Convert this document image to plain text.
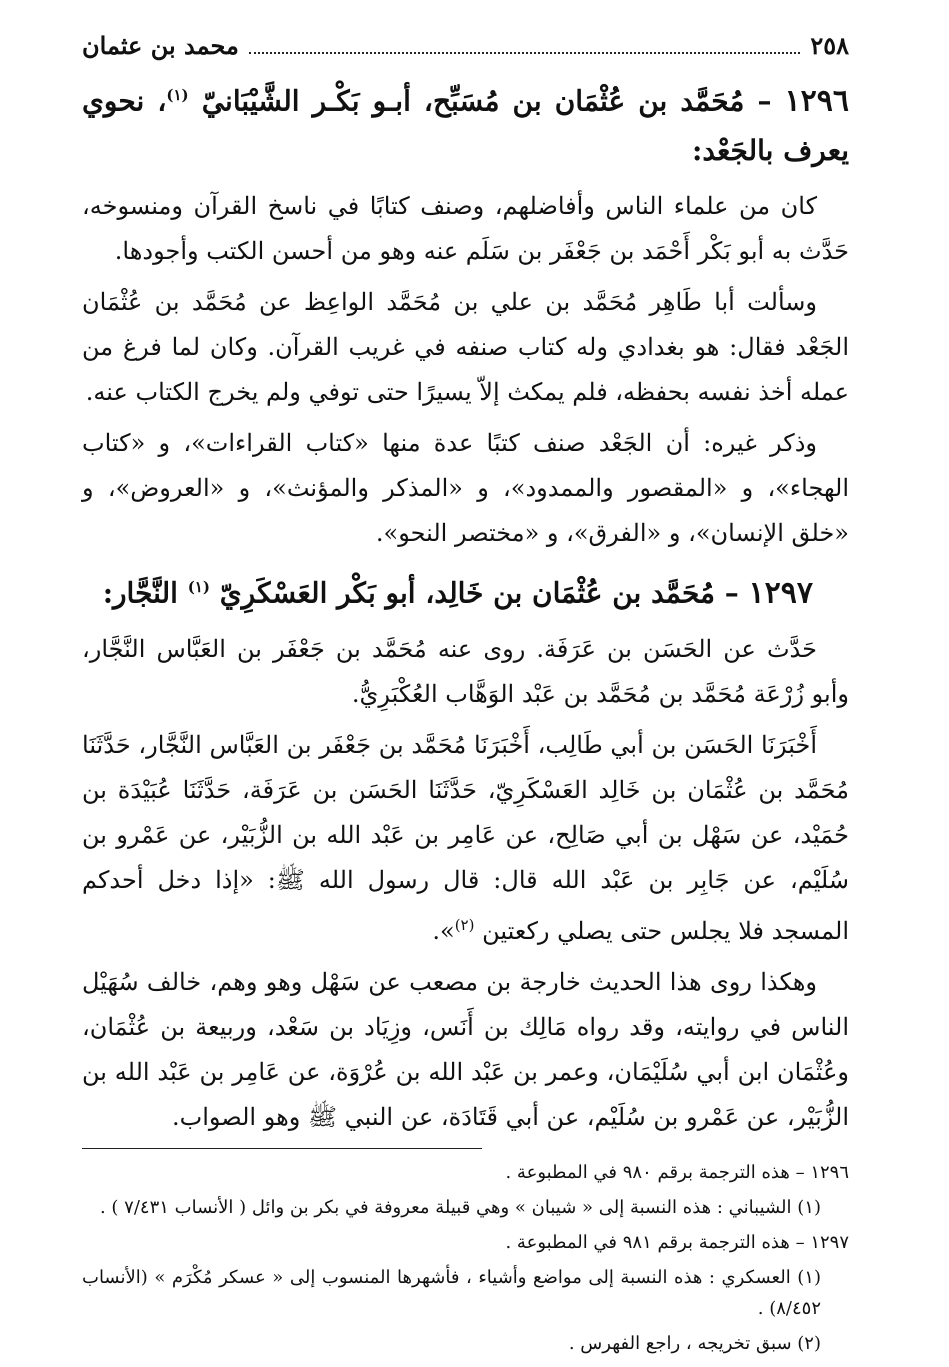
٢٥٨
محمد بن عثمان
١٢٩٦ – مُحَمَّد بن عُثْمَان بن مُسَبِّح، أبـو بَكْـر الشَّيْبَانيّ $^{(١)}$، نحوي يعرف بالجَعْد:

كان من علماء الناس وأفاضلهم، وصنف كتابًا في ناسخ القرآن ومنسوخه، حَدَّث به أبو بَكْر أَحْمَد بن جَعْفَر بن سَلَم عنه وهو من أحسن الكتب وأجودها.

وسألت أبا طَاهِر مُحَمَّد بن علي بن مُحَمَّد الواعِظ عن مُحَمَّد بن عُثْمَان الجَعْد فقال: هو بغدادي وله كتاب صنفه في غريب القرآن. وكان لما فرغ من عمله أخذ نفسه بحفظه، فلم يمكث إلاّ يسيرًا حتى توفي ولم يخرج الكتاب عنه.

وذكر غيره: أن الجَعْد صنف كتبًا عدة منها «كتاب القراءات»، و «كتاب الهجاء»، و «المقصور والممدود»، و «المذكر والمؤنث»، و «العروض»، و «خلق الإنسان»، و «الفرق»، و «مختصر النحو».

١٢٩٧ – مُحَمَّد بن عُثْمَان بن خَالِد، أبو بَكْر العَسْكَرِيّ $^{(١)}$ النَّجَّار:

حَدَّث عن الحَسَن بن عَرَفَة. روى عنه مُحَمَّد بن جَعْفَر بن العَبَّاس النَّجَّار، وأبو زُرْعَة مُحَمَّد بن مُحَمَّد بن عَبْد الوَهَّاب العُكْبَرِيُّ.

أَخْبَرَنَا الحَسَن بن أبي طَالِب، أَخْبَرَنَا مُحَمَّد بن جَعْفَر بن العَبَّاس النَّجَّار، حَدَّثَنَا مُحَمَّد بن عُثْمَان بن خَالِد العَسْكَرِيّ، حَدَّثَنَا الحَسَن بن عَرَفَة، حَدَّثَنَا عُبَيْدَة بن حُمَيْد، عن سَهْل بن أبي صَالِح، عن عَامِر بن عَبْد الله بن الزُّبَيْر، عن عَمْرو بن سُلَيْم، عن جَابِر بن عَبْد الله قال: قال رسول الله ﷺ: «إذا دخل أحدكم المسجد فلا يجلس حتى يصلي ركعتين $^{(٢)}$».

وهكذا روى هذا الحديث خارجة بن مصعب عن سَهْل وهو وهم، خالف سُهَيْل الناس في روايته، وقد رواه مَالِك بن أَنَس، وزِيَاد بن سَعْد، وربيعة بن عُثْمَان، وعُثْمَان ابن أبي سُلَيْمَان، وعمر بن عَبْد الله بن عُرْوَة، عن عَامِر بن عَبْد الله بن الزُّبَيْر، عن عَمْرو بن سُلَيْم، عن أبي قَتَادَة، عن النبي ﷺ وهو الصواب.

١٢٩٦ – هذه الترجمة برقم ٩٨٠ في المطبوعة .

(١) الشيباني : هذه النسبة إلى « شيبان » وهي قبيلة معروفة في بكر بن وائل ( الأنساب ٧/٤٣١ ) .

١٢٩٧ – هذه الترجمة برقم ٩٨١ في المطبوعة .

(١) العسكري : هذه النسبة إلى مواضع وأشياء ، فأشهرها المنسوب إلى « عسكر مُكْرَم » (الأنساب ٨/٤٥٢) .

(٢) سبق تخريجه ، راجع الفهرس .
